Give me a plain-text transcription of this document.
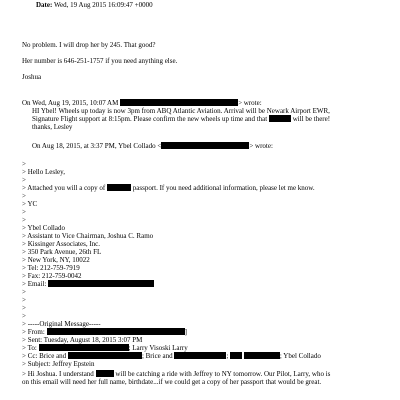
Date: Wed, 19 Aug 2015 16:09:47 +0000
No problem. I will drop her by 245. That good?
Her number is 646-251-1757 if you need anything else.
Joshua
On Wed, Aug 19, 2015, 10:07 AM	> wrote:
HI Ybel! Wheels up today is now 3pm from ABQ Atlantic Aviation. Arrival will be Newark Airport EWR,
Signature Flight support at 8:15pm. Please confirm the new wheels up time and that	will be there!
thanks, Lesley
On Aug 18, 2015, at 3:37 PM, Ybel Collado <	> wrote:
>
> Hello Lesley,
>
> Attached you will a copy of	passport. If you need additional information, please let me know.
>
> YC
>
>
> Ybel Collado
> Assistant to Vice Chairman, Joshua C. Ramo
> Kissinger Associates, Inc.
> 350 Park Avenue, 26th FL
> New York, NY, 10022
> Tel: 212-759-7919
> Fax: 212-759-0042
> Email:
>
>
>
>
> -----Original Message-----
> From:	]
> Sent: Tuesday, August 18, 2015 3:07 PM
> To:	; Larry Visoski Larry
> Cc: Brice and	; Brice and	;	; Ybel Collado
> Subject: Jeffrey Epstein
> Hi Joshua. I understand	will be catching a ride with Jeffrey to NY tomorrow. Our Pilot, Larry, who is
on this email will need her full name, birthdate...if we could get a copy of her passport that would be great.
